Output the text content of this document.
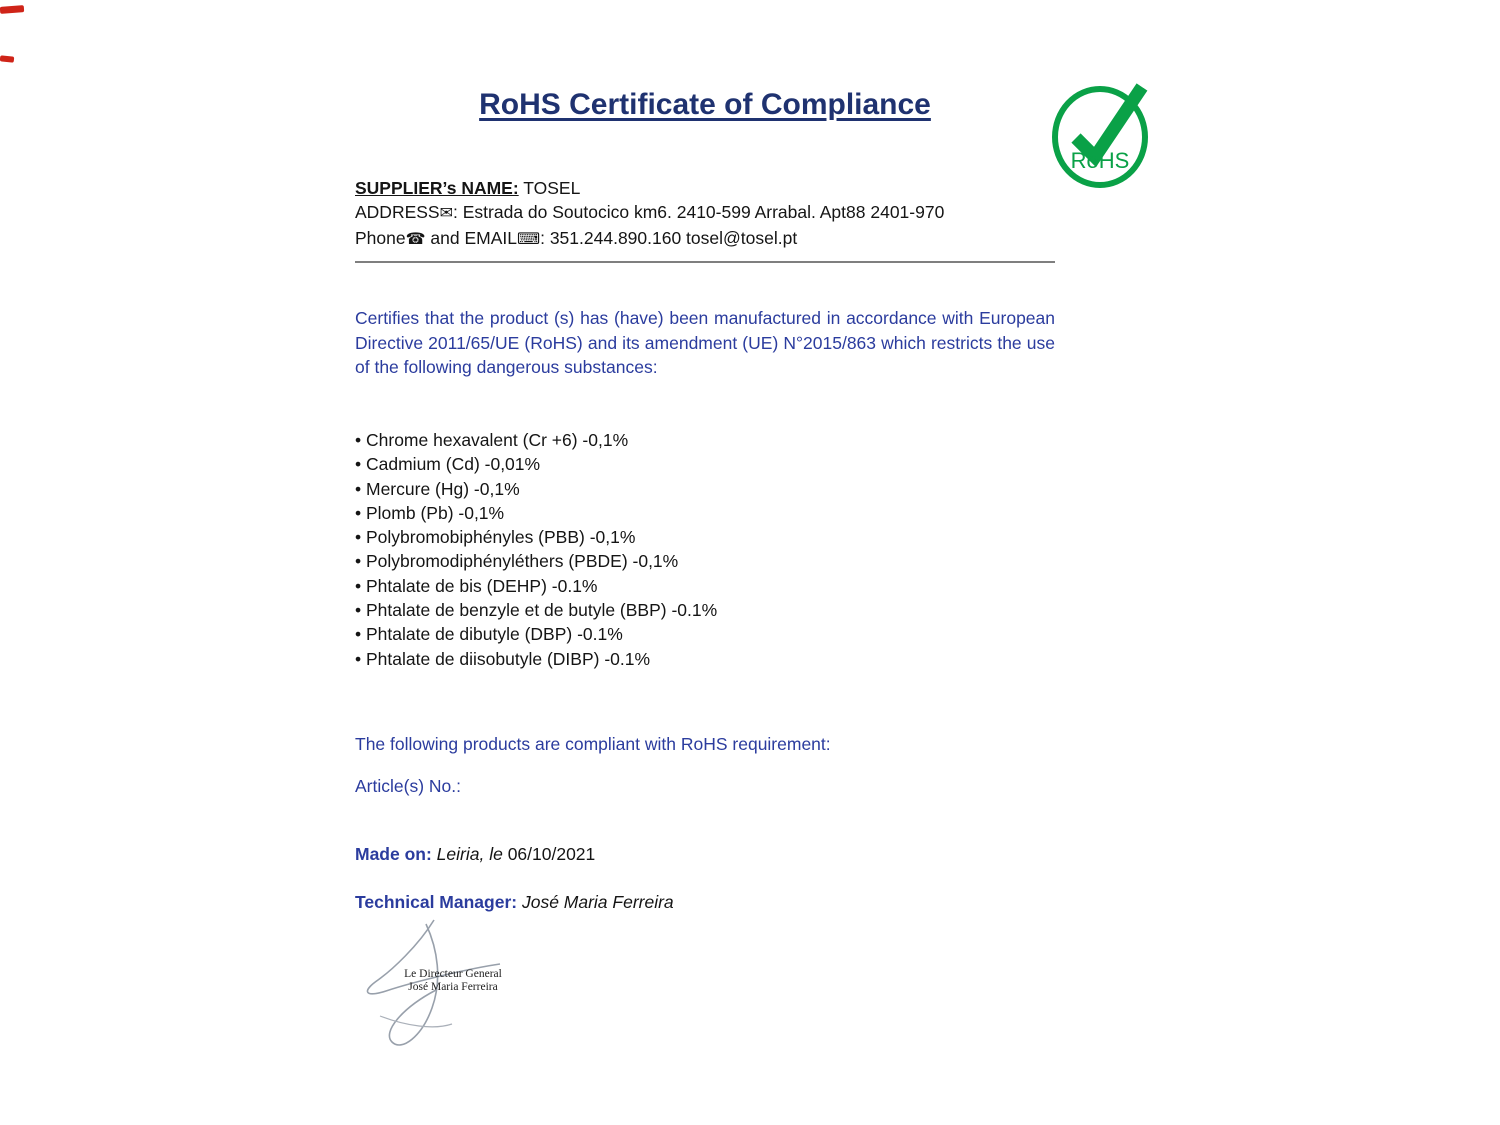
RoHS Certificate of Compliance
RoHS
SUPPLIER’s NAME: TOSEL
ADDRESS✉: Estrada do Soutocico km6. 2410-599 Arrabal. Apt88 2401-970
Phone☎ and EMAIL⌨: 351.244.890.160 tosel@tosel.pt
Certifies that the product (s) has (have) been manufactured in accordance with European Directive 2011/65/UE (RoHS) and its amendment (UE) N°2015/863 which restricts the use of the following dangerous substances:
• Chrome hexavalent (Cr +6) -0,1%
• Cadmium (Cd) -0,01%
• Mercure (Hg) -0,1%
• Plomb (Pb) -0,1%
• Polybromobiphényles (PBB) -0,1%
• Polybromodiphényléthers (PBDE) -0,1%
• Phtalate de bis (DEHP) -0.1%
• Phtalate de benzyle et de butyle (BBP) -0.1%
• Phtalate de dibutyle (DBP) -0.1%
• Phtalate de diisobutyle (DIBP) -0.1%
The following products are compliant with RoHS requirement:
Article(s) No.:
Made on: Leiria, le 06/10/2021
Technical Manager: José Maria Ferreira
Le Directeur General
José Maria Ferreira
